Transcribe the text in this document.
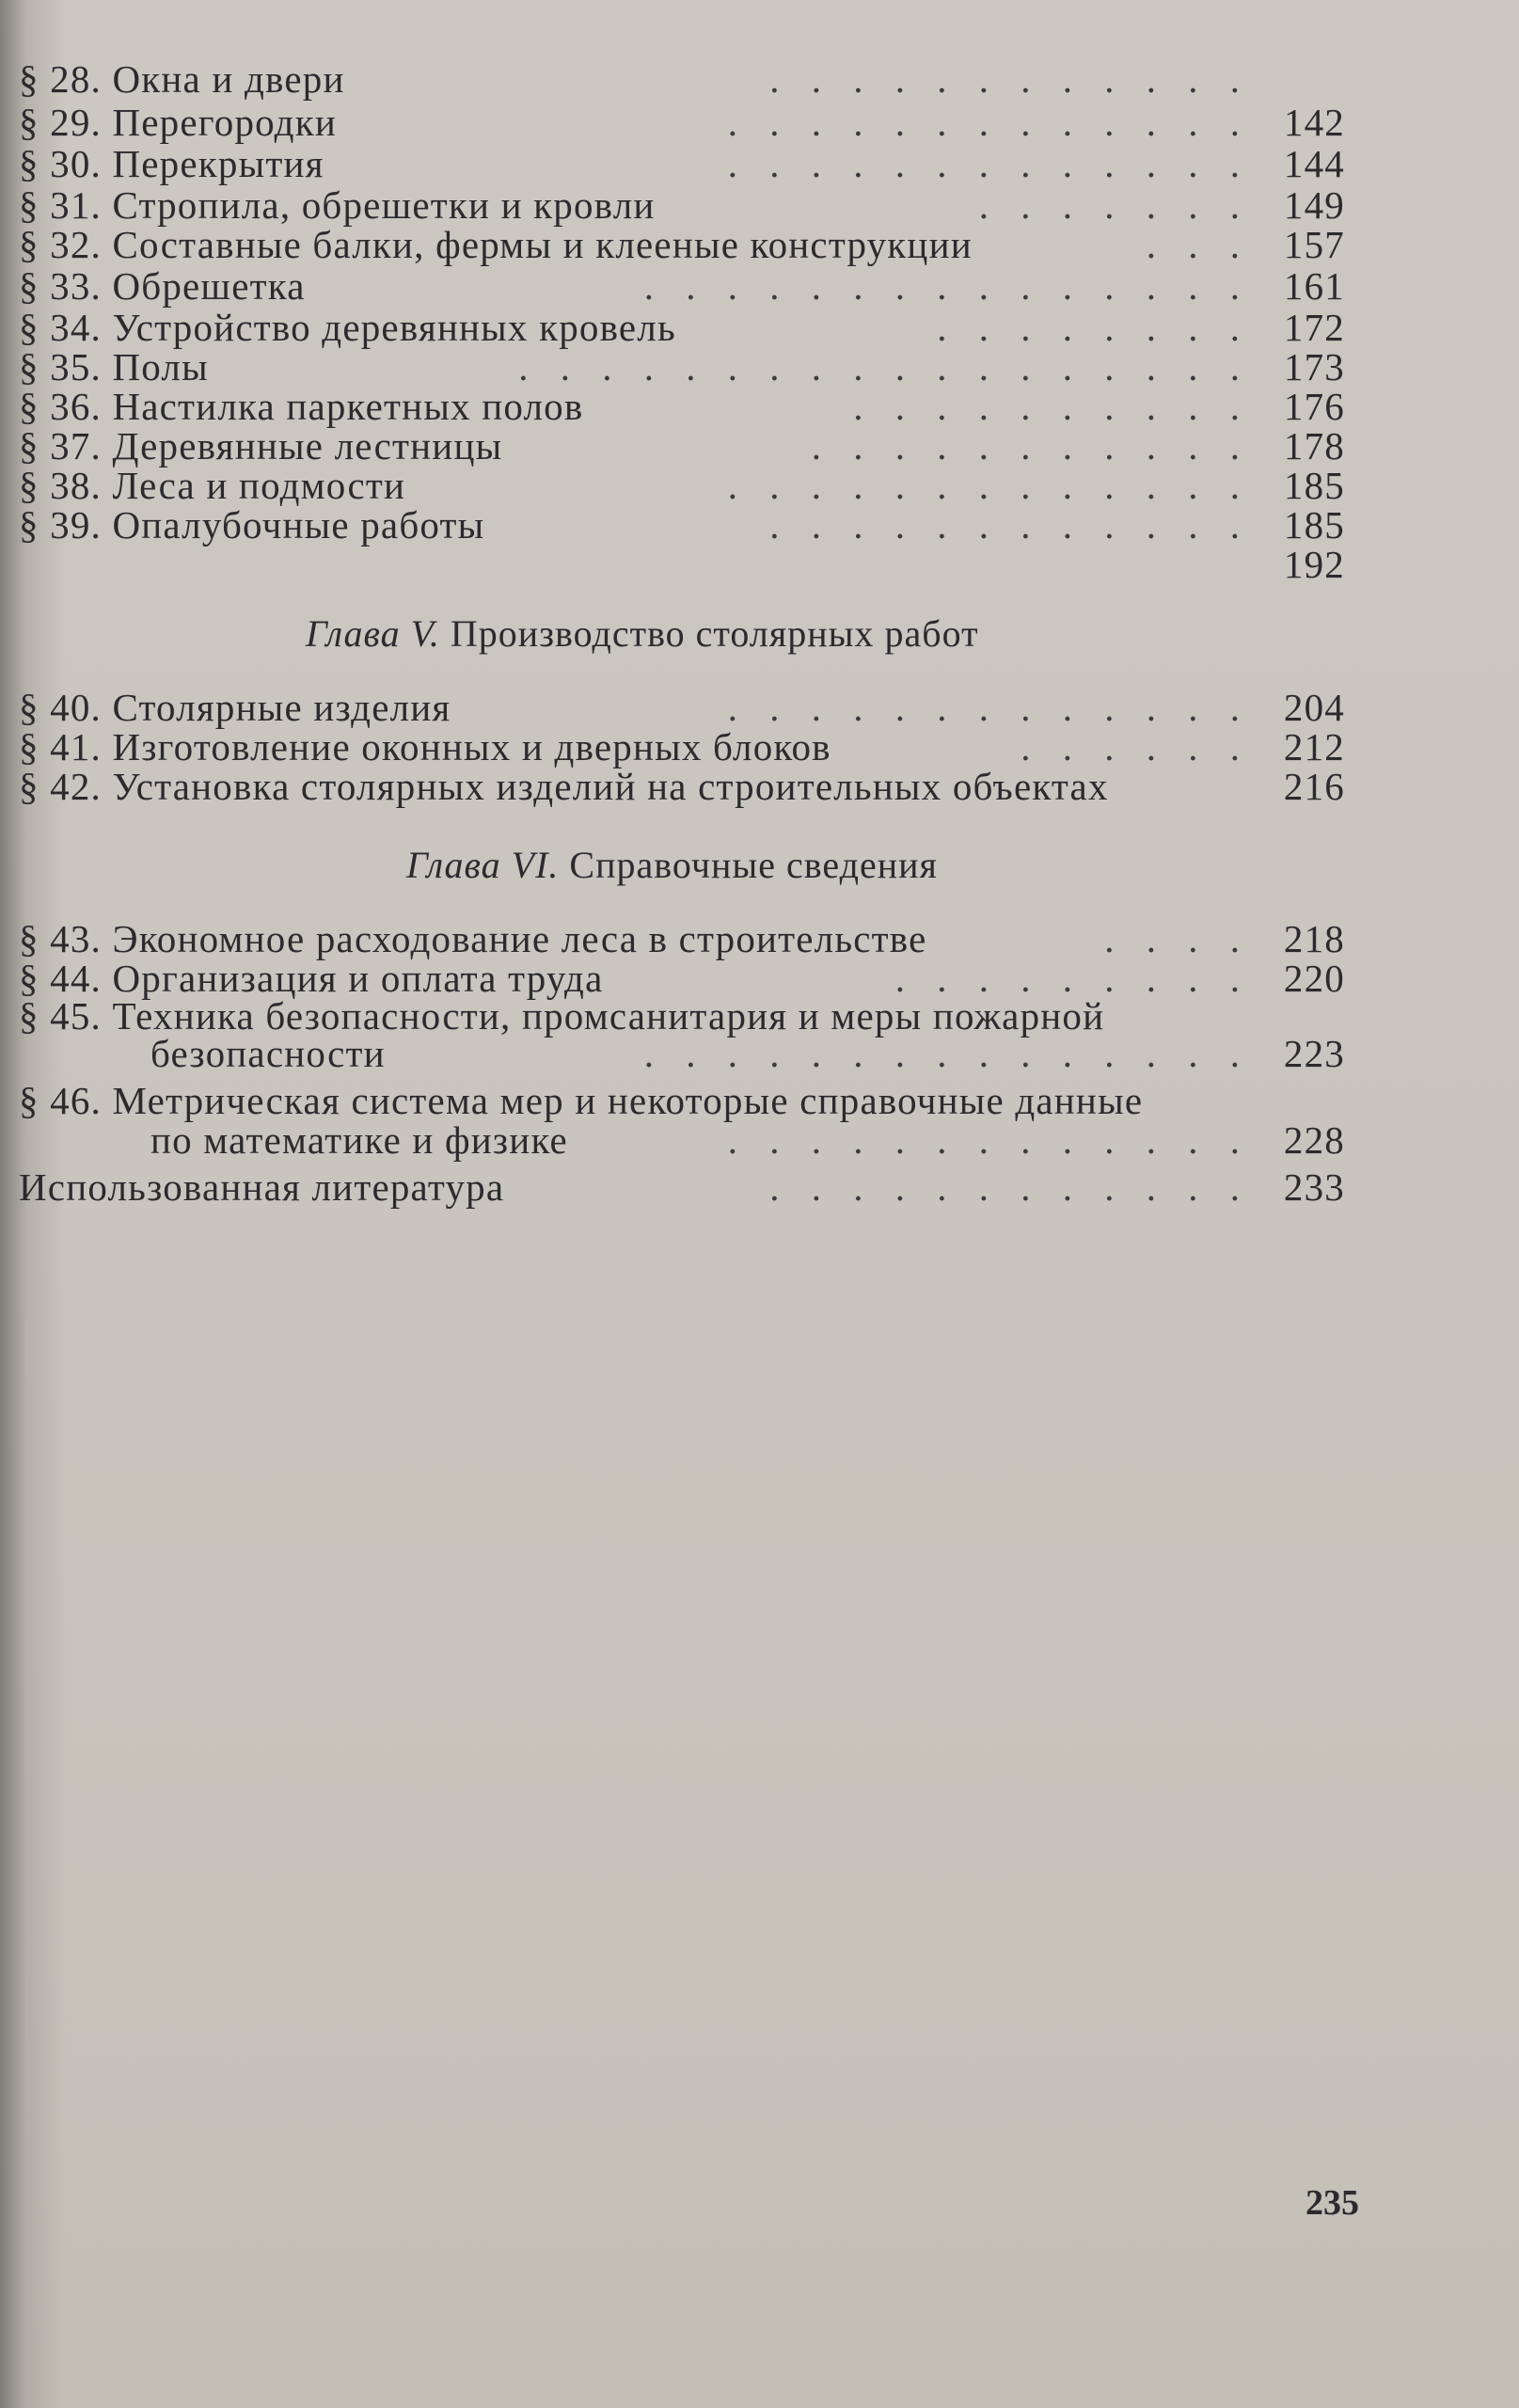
§ 28. Окна и двери	. . . . . . . . . . . .
§ 29. Перегородки	. . . . . . . . . . . . . 142
§ 30. Перекрытия	. . . . . . . . . . . . . 144
§ 31. Стропила, обрешетки и кровли	. . . . . . . 149
§ 32. Составные балки, фермы и клееные конструкции	. . . 157
§ 33. Обрешетка	. . . . . . . . . . . . . . . 161
§ 34. Устройство деревянных кровель	. . . . . . . . 172
§ 35. Полы	. . . . . . . . . . . . . . . . . . 173
§ 36. Настилка паркетных полов	. . . . . . . . . . 176
§ 37. Деревянные лестницы	. . . . . . . . . . . 178
§ 38. Леса и подмости	. . . . . . . . . . . . . 185
§ 39. Опалубочные работы	. . . . . . . . . . . . 185
192
Глава V. Производство столярных работ
§ 40. Столярные изделия	. . . . . . . . . . . . . 204
§ 41. Изготовление оконных и дверных блоков	. . . . . . 212
§ 42. Установка столярных изделий на строительных объектах	216
Глава VI. Справочные сведения
§ 43. Экономное расходование леса в строительстве	. . . . 218
§ 44. Организация и оплата труда	. . . . . . . . . 220
§ 45. Техника безопасности, промсанитария и меры пожарной
безопасности	. . . . . . . . . . . . . . . 223
§ 46. Метрическая система мер и некоторые справочные данные
по математике и физике	. . . . . . . . . . . . . 228
Использованная литература	. . . . . . . . . . . . 233
235
